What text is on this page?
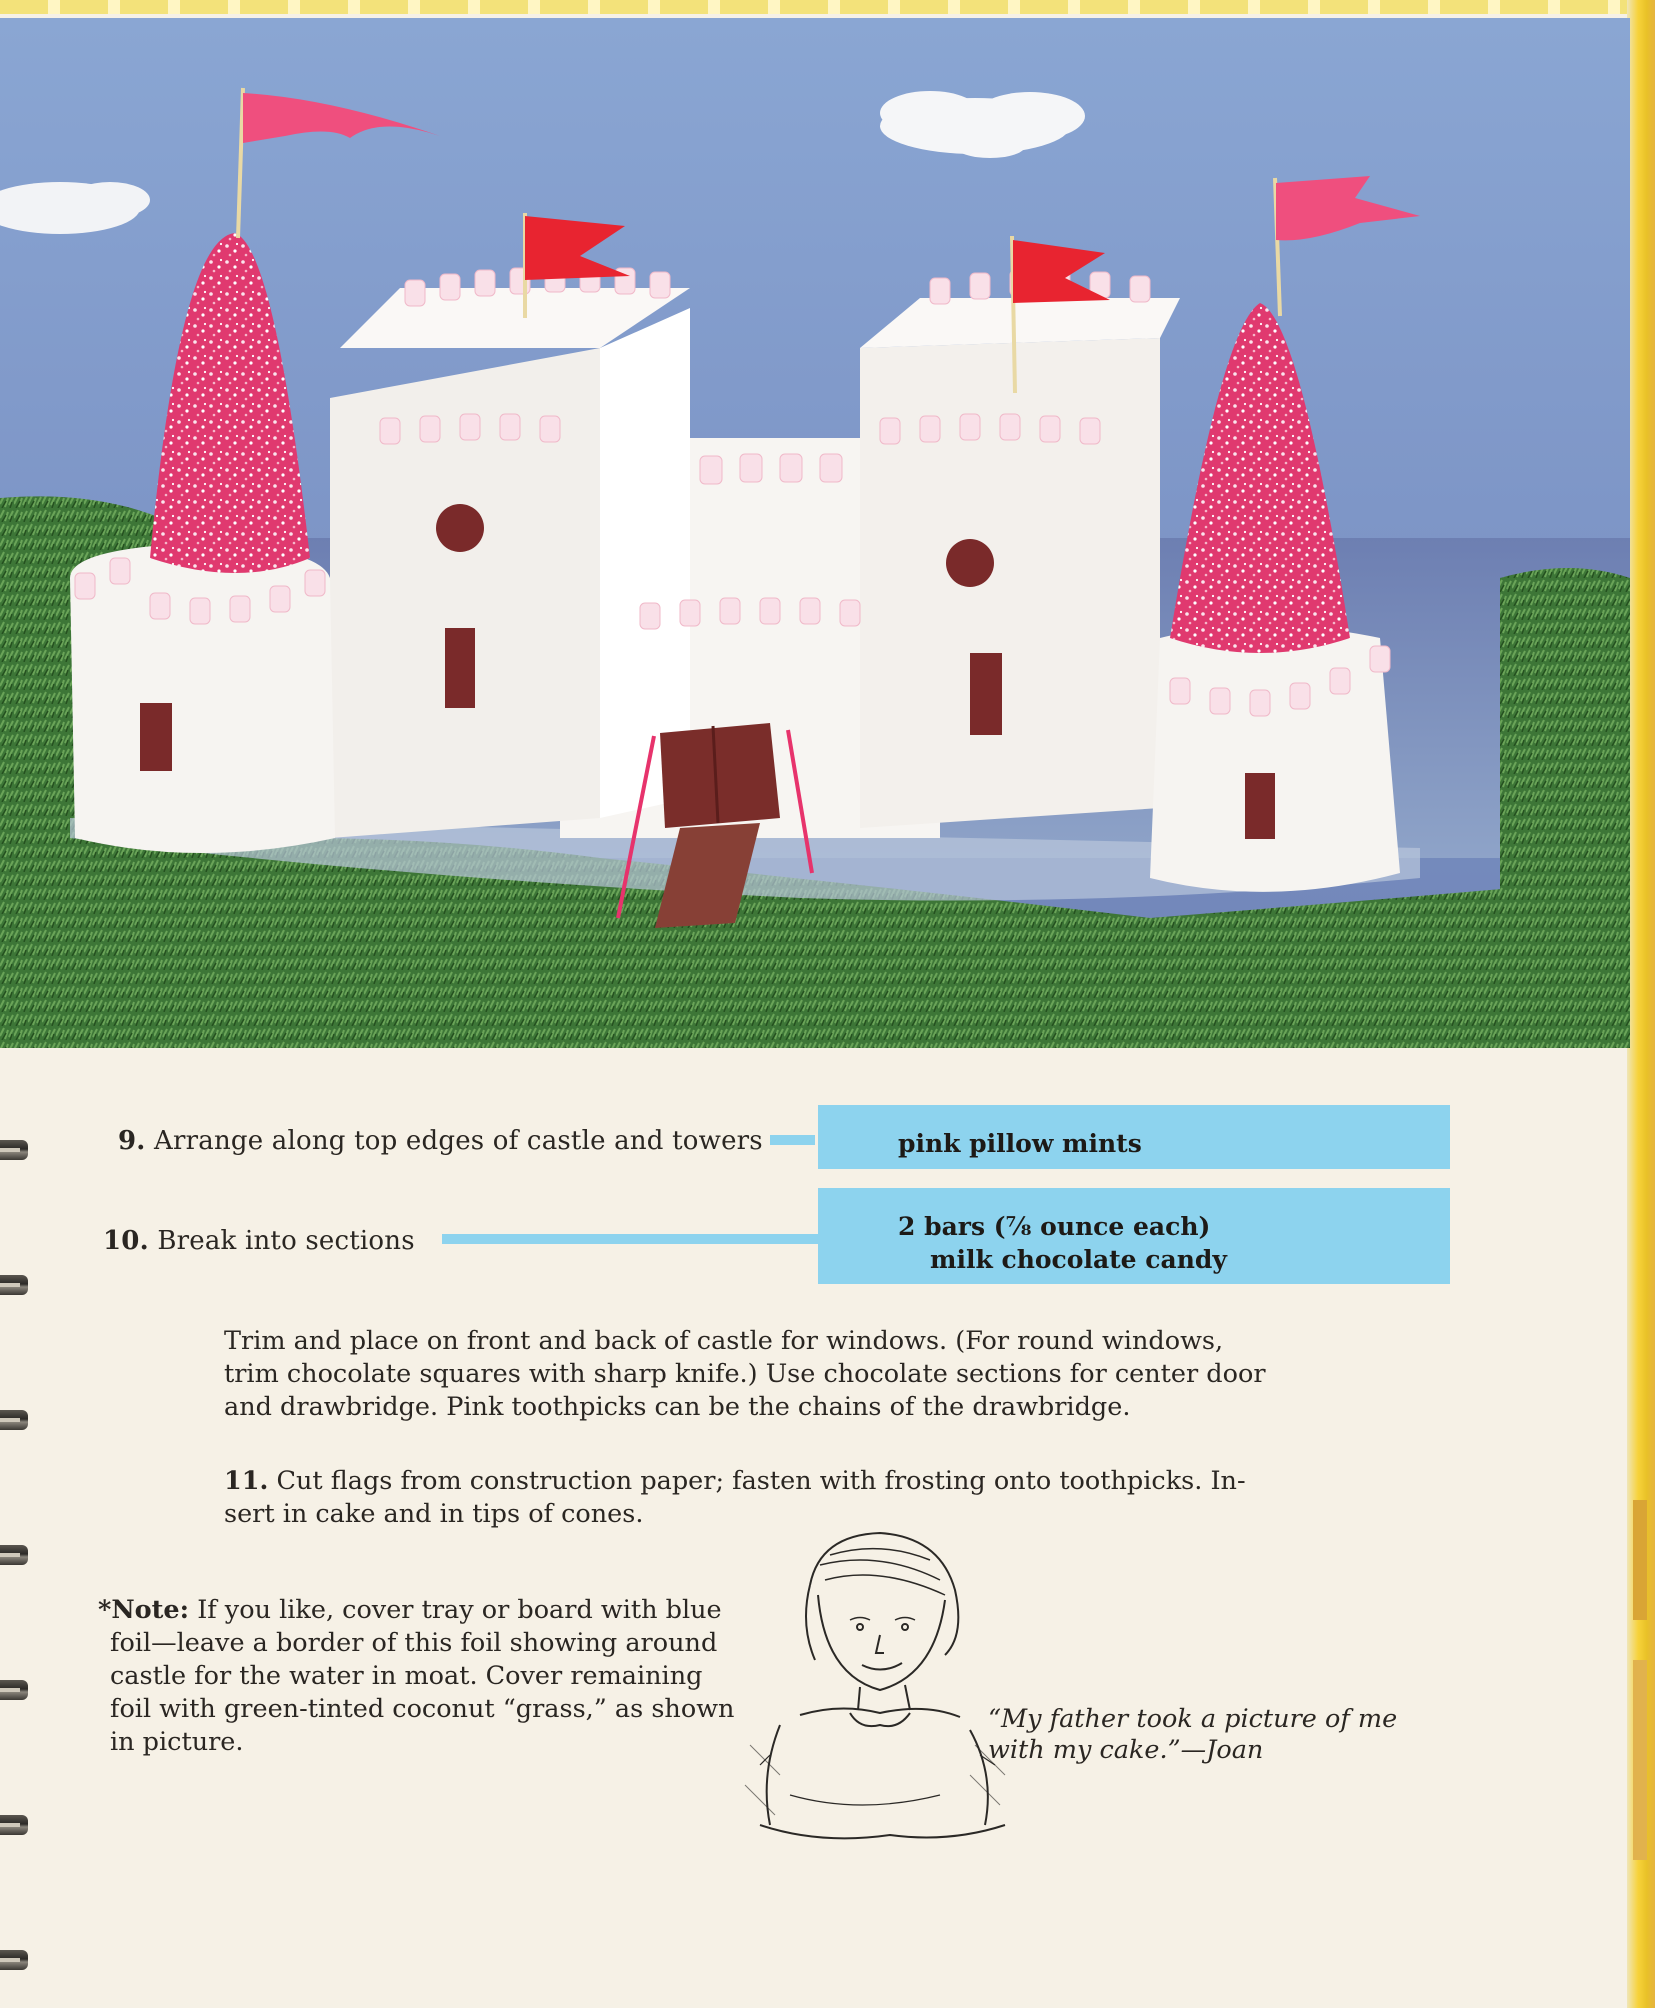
9. Arrange along top edges of castle and towers	pink pillow mints
10. Break into sections	2 bars (⅞ ounce each)
milk chocolate candy
Trim and place on front and back of castle for windows. (For round windows,
trim chocolate squares with sharp knife.) Use chocolate sections for center door
and drawbridge. Pink toothpicks can be the chains of the drawbridge.
11. Cut flags from construction paper; fasten with frosting onto toothpicks. In-
sert in cake and in tips of cones.
*Note: If you like, cover tray or board with blue
foil—leave a border of this foil showing around
castle for the water in moat. Cover remaining
foil with green-tinted coconut “grass,” as shown
in picture.
“My father took a picture of me
with my cake.”—Joan
